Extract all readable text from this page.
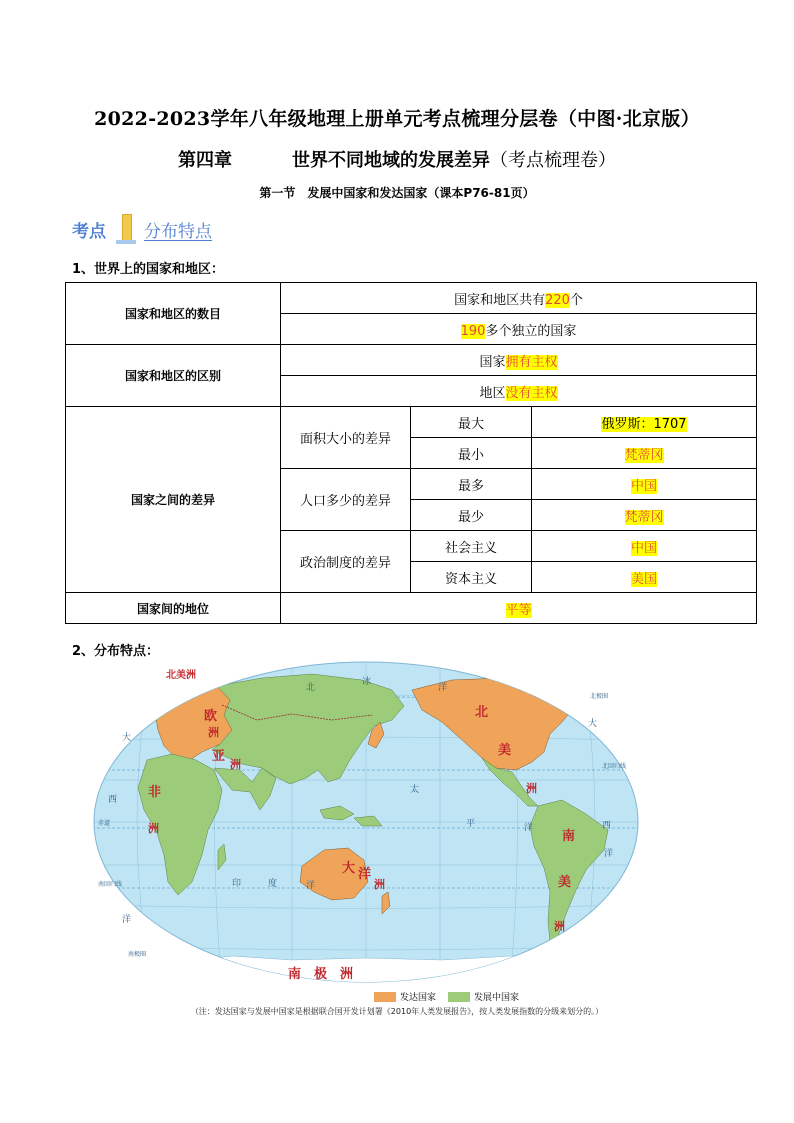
2022-2023学年八年级地理上册单元考点梳理分层卷（中图·北京版）
第四章	世界不同地域的发展差异（考点梳理卷）
第一节　发展中国家和发达国家（课本P76-81页）
考点 分布特点
1、世界上的国家和地区：
国家和地区的数目	国家和地区共有220个		
	190多个独立的国家		
国家和地区的区别	国家拥有主权		
	地区没有主权		
国家之间的差异	面积大小的差异	最大	俄罗斯：1707
		最小	梵蒂冈
	人口多少的差异	最多	中国
		最少	梵蒂冈
	政治制度的差异	社会主义	中国
		资本主义	美国
国家间的地位	平等		
2、分布特点：
欧
洲
亚
洲
非
洲
北
美
洲
南
美
洲
大 洋
洲
南　极　洲
北美洲
北
冰
洋
太
平	洋
印	度	洋
大
西
洋
大
西
洋
赤道
北回归线
南回归线
北极圈
南极圈
发达国家	发展中国家
（注：发达国家与发展中国家是根据联合国开发计划署《2010年人类发展报告》，按人类发展指数的分级来划分的。）
